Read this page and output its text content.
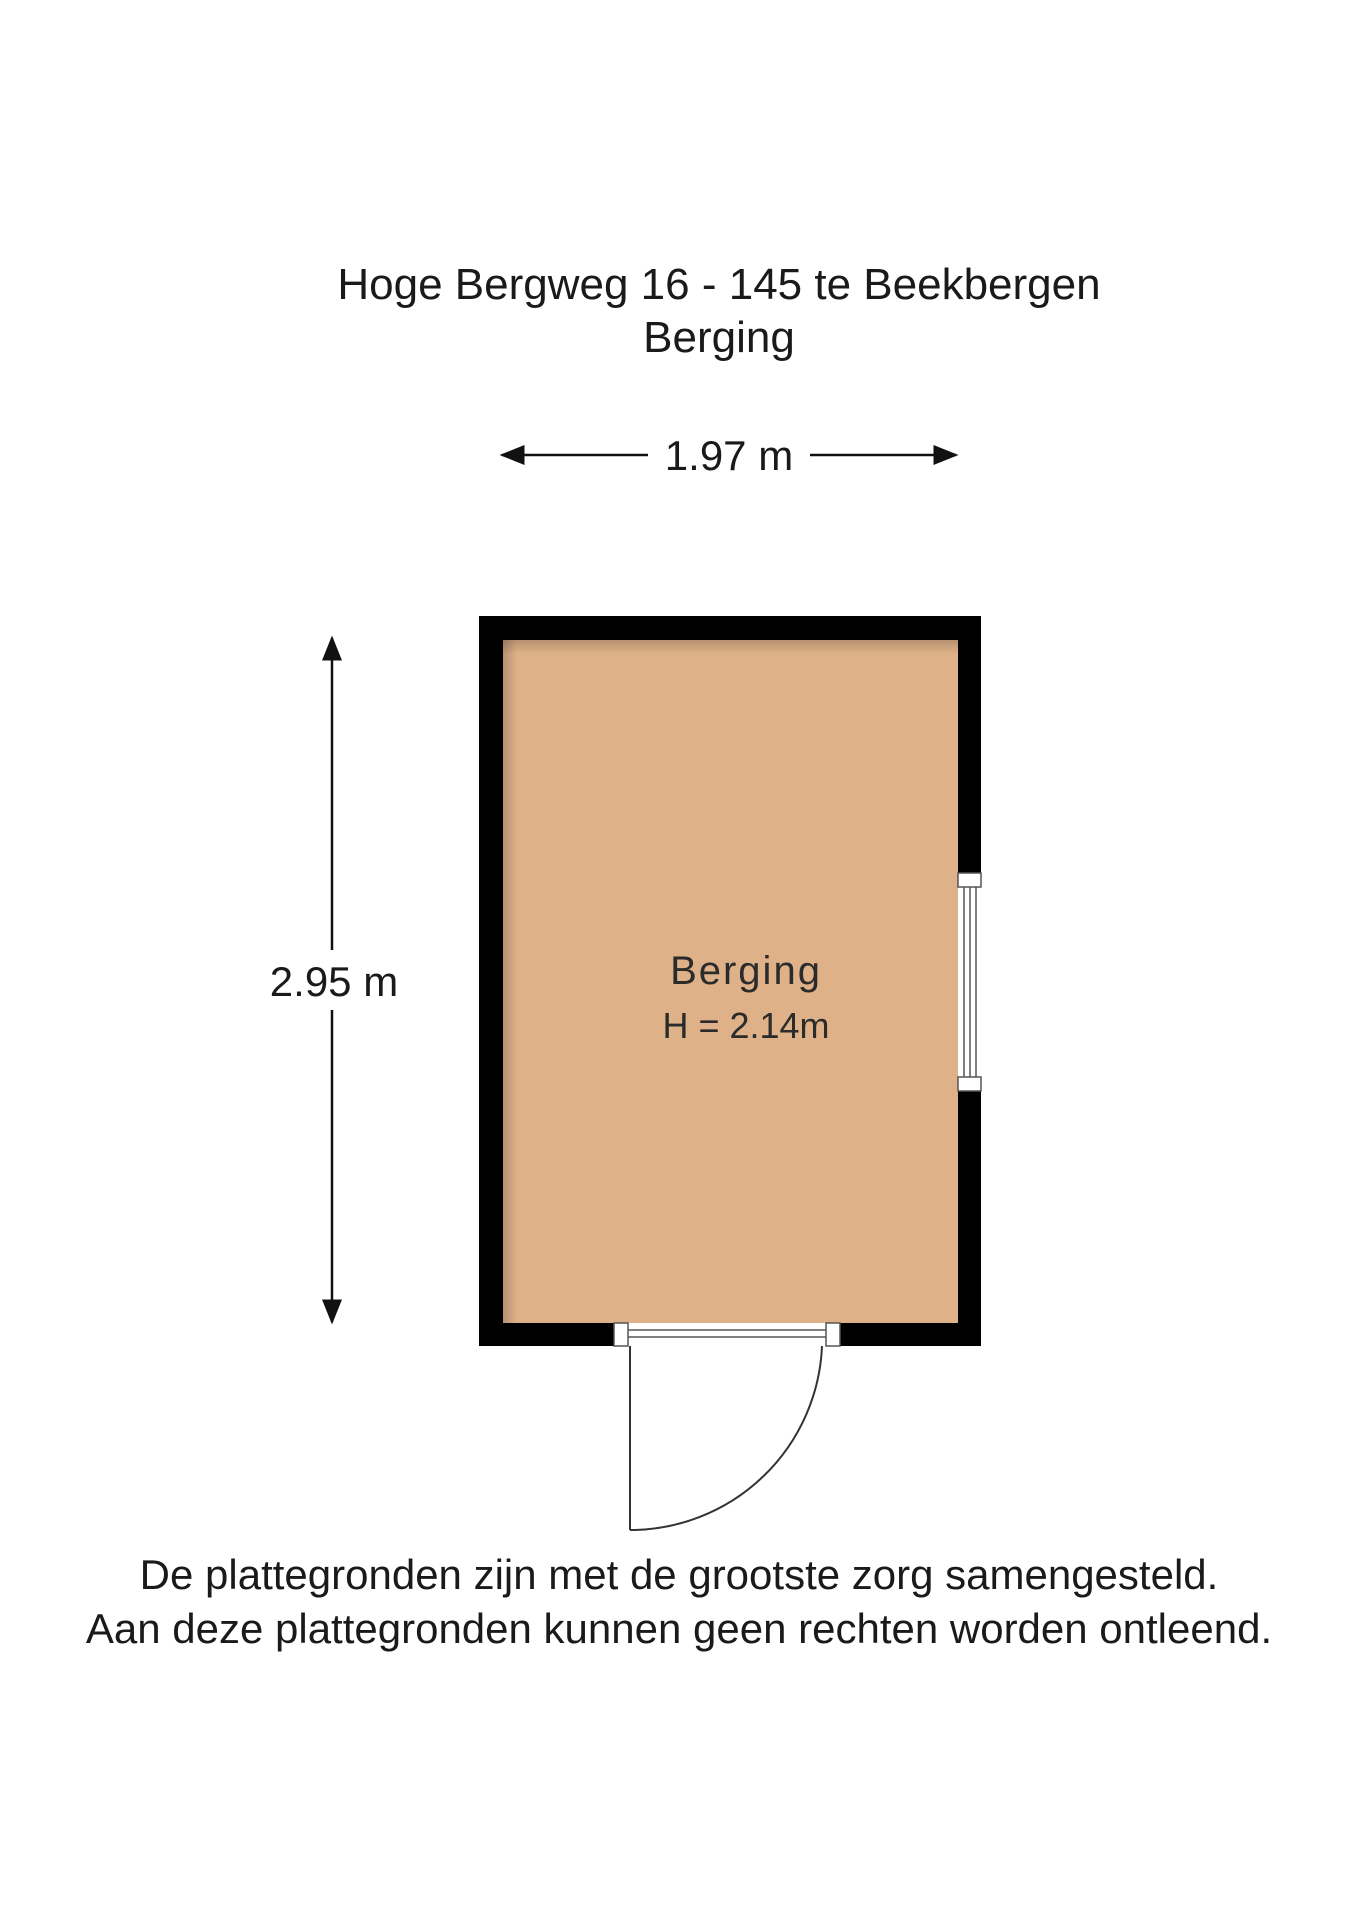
Hoge Bergweg 16 - 145 te Beekbergen
Berging
1.97 m
2.95 m	Berging
H = 2.14m
De plattegronden zijn met de grootste zorg samengesteld.
Aan deze plattegronden kunnen geen rechten worden ontleend.
